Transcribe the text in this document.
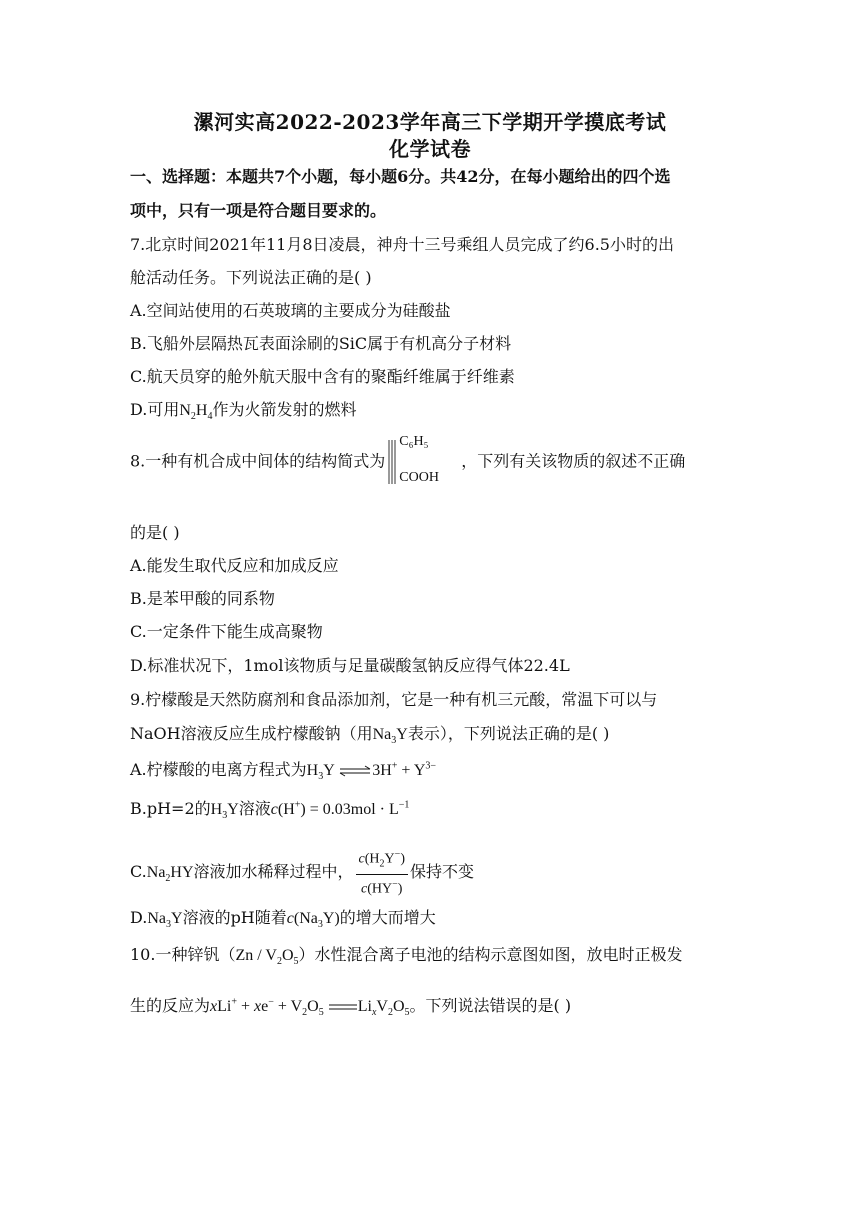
漯河实高2022-2023学年高三下学期开学摸底考试
化学试卷
一、选择题：本题共7个小题，每小题6分。共42分，在每小题给出的四个选
项中，只有一项是符合题目要求的。
7.北京时间2021年11月8日凌晨，神舟十三号乘组人员完成了约6.5小时的出
舱活动任务。下列说法正确的是( )
A.空间站使用的石英玻璃的主要成分为硅酸盐
B.飞船外层隔热瓦表面涂刷的SiC属于有机高分子材料
C.航天员穿的舱外航天服中含有的聚酯纤维属于纤维素
D.可用$N_2H_4$作为火箭发射的燃料
8.一种有机合成中间体的结构简式为
C₆H₅
COOH
，下列有关该物质的叙述不正确
的是( )
A.能发生取代反应和加成反应
B.是苯甲酸的同系物
C.一定条件下能生成高聚物
D.标准状况下，1mol该物质与足量碳酸氢钠反应得气体22.4L
9.柠檬酸是天然防腐剂和食品添加剂，它是一种有机三元酸，常温下可以与
NaOH溶液反应生成柠檬酸钠（用$Na_3Y$表示），下列说法正确的是( )
A.柠檬酸的电离方程式为$H_3Y$ ⇌3H+ + $Y^{3-}$
B.pH=2的$H_3Y$溶液$c(H^+) = 0.03mol \cdot L^{-1}$
$C.Na_2HY$溶液加水稀释过程中， $\frac{c(H_2Y^-)}{c(HY^-)}$ 保持不变
$D.Na_3Y$溶液的pH随着$c(Na_3Y)$的增大而增大
10.一种锌钒$(Zn / V_2O_5)$水性混合离子电池的结构示意图如图，放电时正极发
生的反应为$xLi^+ + xe^- + V_2O_5$ $Li_xV_2O_5$。下列说法错误的是( )
